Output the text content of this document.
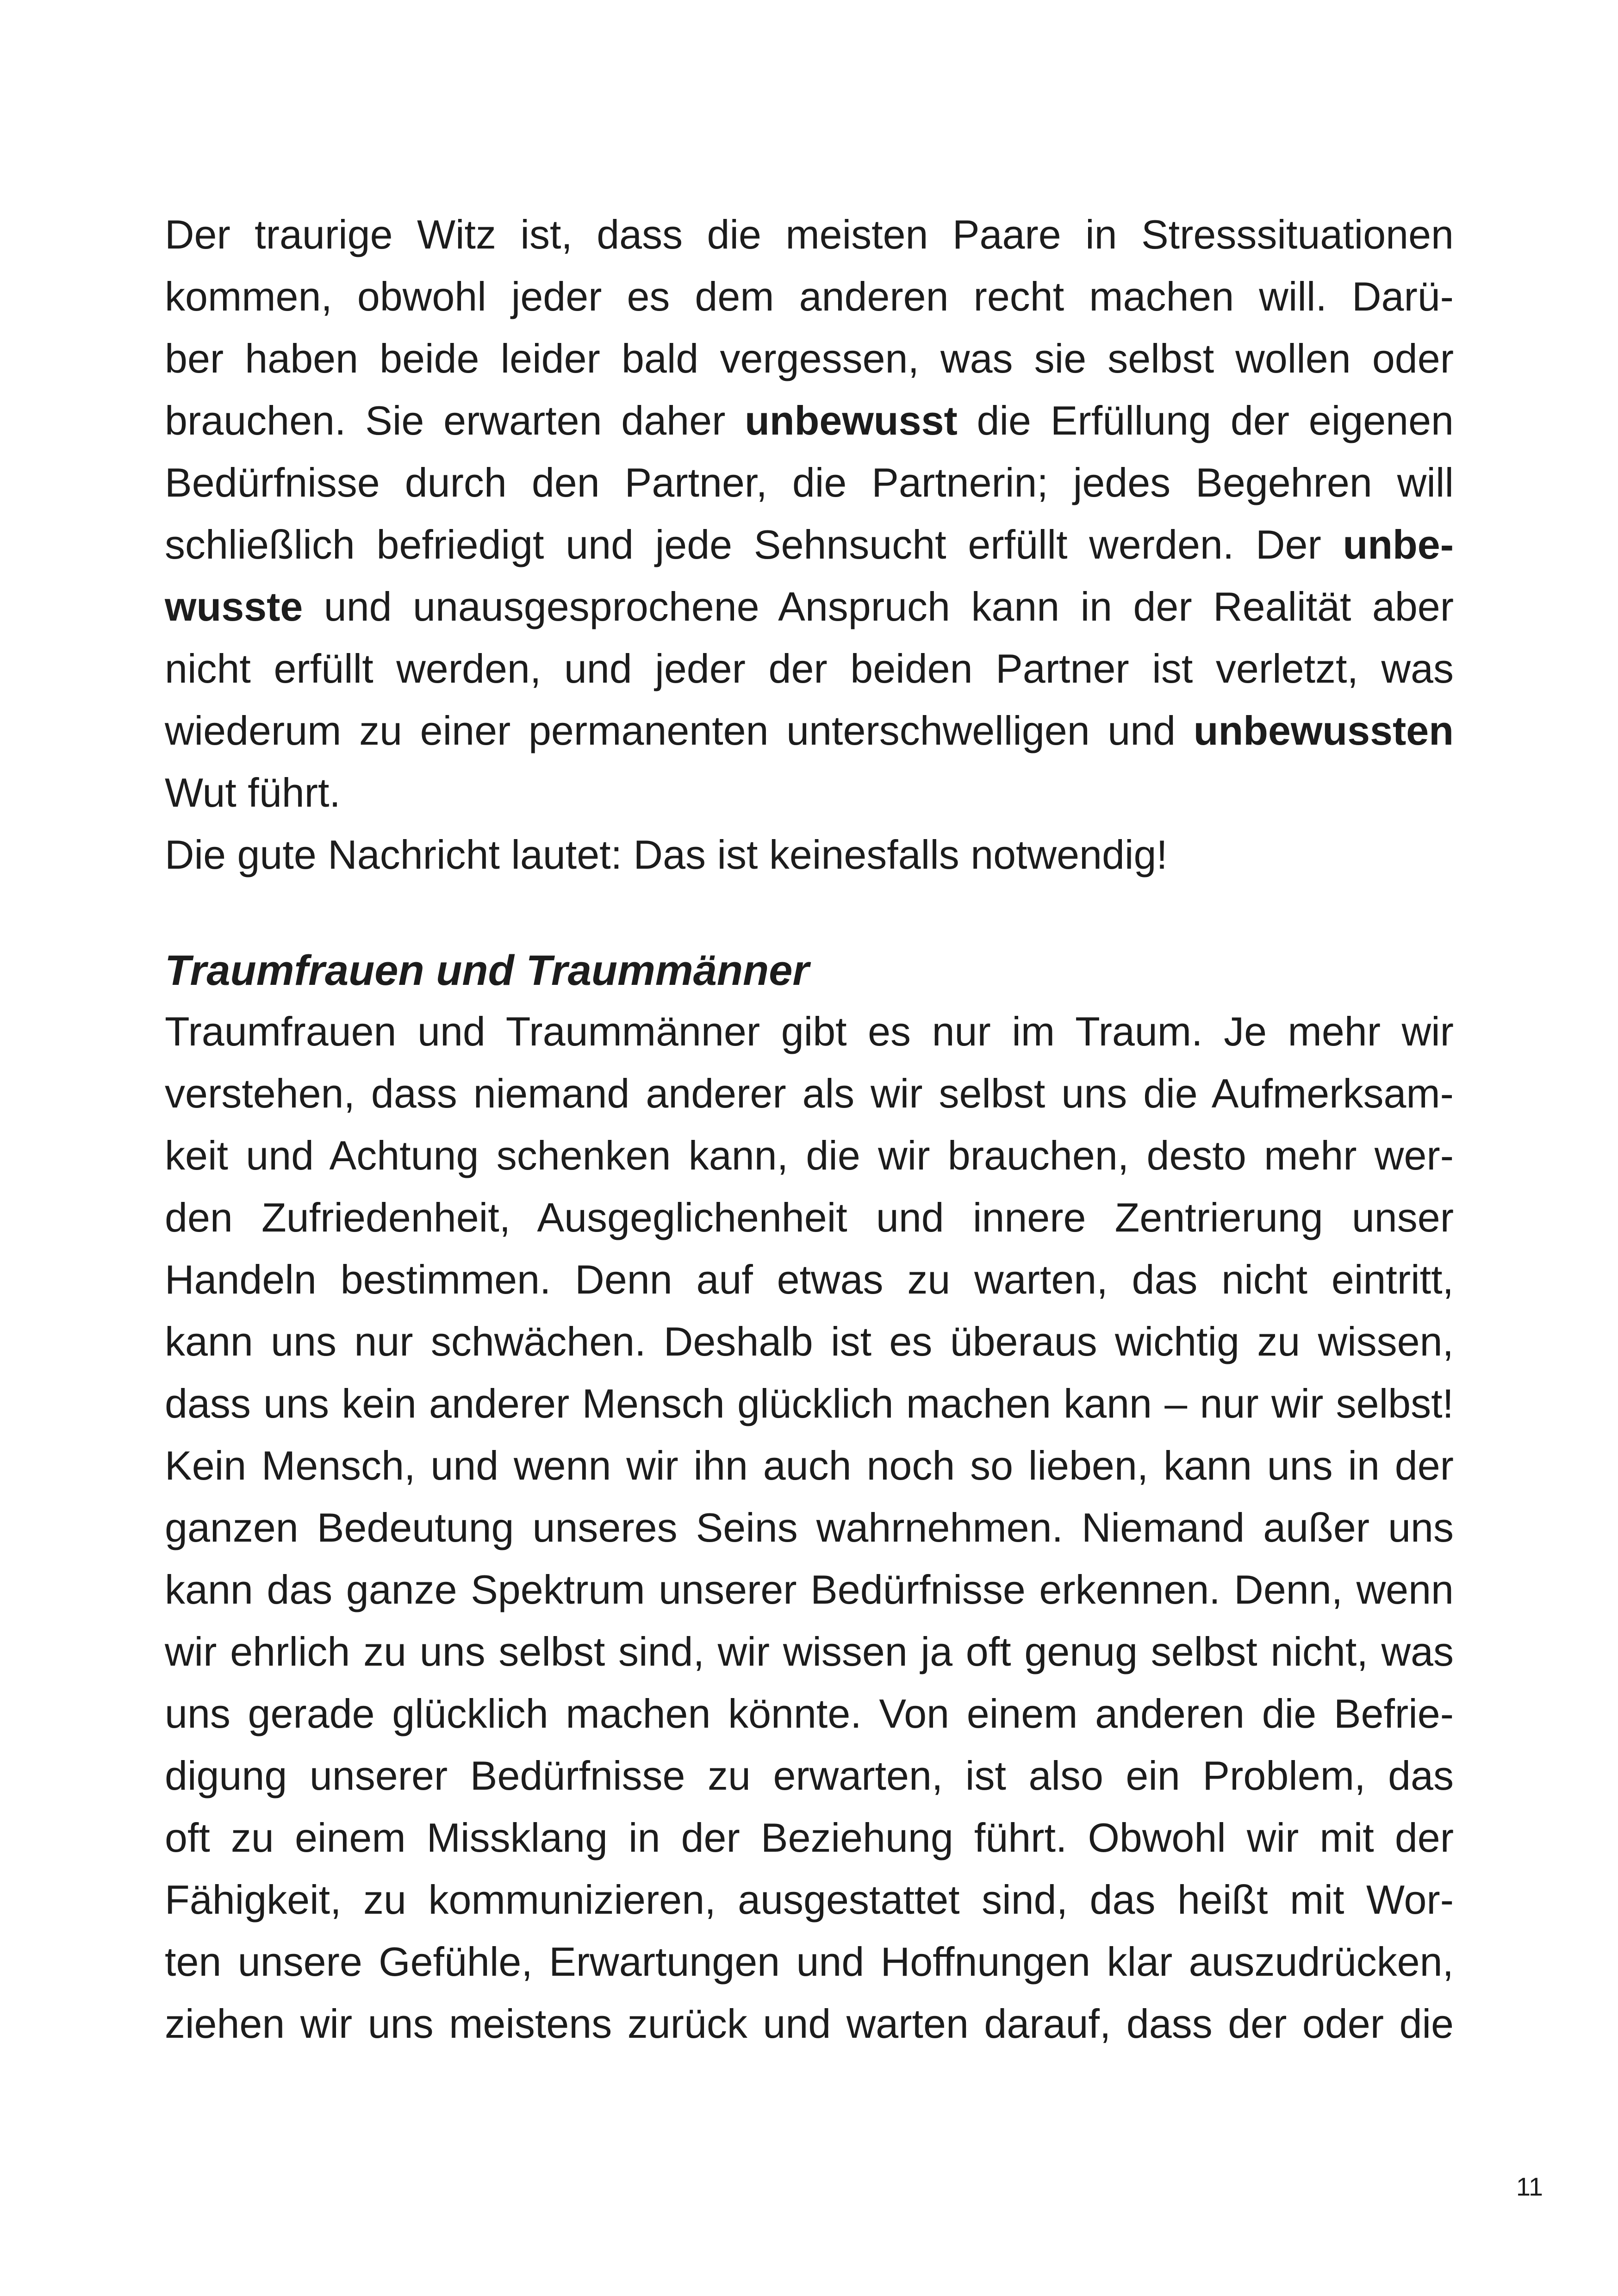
Der traurige Witz ist, dass die meisten Paare in Stresssituationen
kommen, obwohl jeder es dem anderen recht machen will. Darü-
ber haben beide leider bald vergessen, was sie selbst wollen oder
brauchen. Sie erwarten daher unbewusst die Erfüllung der eigenen
Bedürfnisse durch den Partner, die Partnerin; jedes Begehren will
schließlich befriedigt und jede Sehnsucht erfüllt werden. Der unbe-
wusste und unausgesprochene Anspruch kann in der Realität aber
nicht erfüllt werden, und jeder der beiden Partner ist verletzt, was
wiederum zu einer permanenten unterschwelligen und unbewussten
Wut führt.
Die gute Nachricht lautet: Das ist keinesfalls notwendig!
Traumfrauen und Traummänner
Traumfrauen und Traummänner gibt es nur im Traum. Je mehr wir
verstehen, dass niemand anderer als wir selbst uns die Aufmerksam-
keit und Achtung schenken kann, die wir brauchen, desto mehr wer-
den Zufriedenheit, Ausgeglichenheit und innere Zentrierung unser
Handeln bestimmen. Denn auf etwas zu warten, das nicht eintritt,
kann uns nur schwächen. Deshalb ist es überaus wichtig zu wissen,
dass uns kein anderer Mensch glücklich machen kann – nur wir selbst!
Kein Mensch, und wenn wir ihn auch noch so lieben, kann uns in der
ganzen Bedeutung unseres Seins wahrnehmen. Niemand außer uns
kann das ganze Spektrum unserer Bedürfnisse erkennen. Denn, wenn
wir ehrlich zu uns selbst sind, wir wissen ja oft genug selbst nicht, was
uns gerade glücklich machen könnte. Von einem anderen die Befrie-
digung unserer Bedürfnisse zu erwarten, ist also ein Problem, das
oft zu einem Missklang in der Beziehung führt. Obwohl wir mit der
Fähigkeit, zu kommunizieren, ausgestattet sind, das heißt mit Wor-
ten unsere Gefühle, Erwartungen und Hoffnungen klar auszudrücken,
ziehen wir uns meistens zurück und warten darauf, dass der oder die
11
